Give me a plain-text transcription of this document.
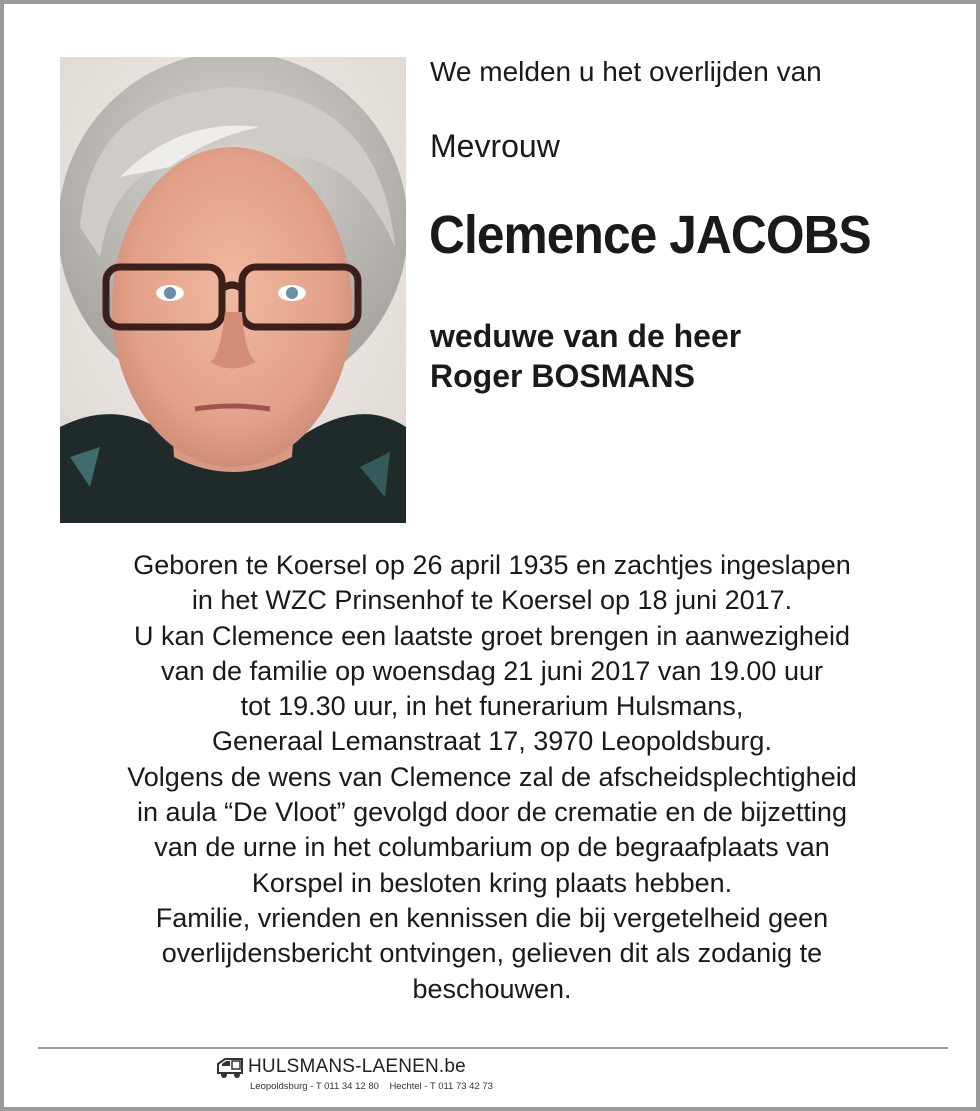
We melden u het overlijden van
Mevrouw
Clemence JACOBS
weduwe van de heer
Roger BOSMANS
Geboren te Koersel op 26 april 1935 en zachtjes ingeslapen
in het WZC Prinsenhof te Koersel op 18 juni 2017.
U kan Clemence een laatste groet brengen in aanwezigheid
van de familie op woensdag 21 juni 2017 van 19.00 uur
tot 19.30 uur, in het funerarium Hulsmans,
Generaal Lemanstraat 17, 3970 Leopoldsburg.
Volgens de wens van Clemence zal de afscheidsplechtigheid
in aula “De Vloot” gevolgd door de crematie en de bijzetting
van de urne in het columbarium op de begraafplaats van
Korspel in besloten kring plaats hebben.
Familie, vrienden en kennissen die bij vergetelheid geen
overlijdensbericht ontvingen, gelieven dit als zodanig te
beschouwen.
HULSMANS-LAENEN.be
Leopoldsburg - T 011 34 12 80    Hechtel - T 011 73 42 73
